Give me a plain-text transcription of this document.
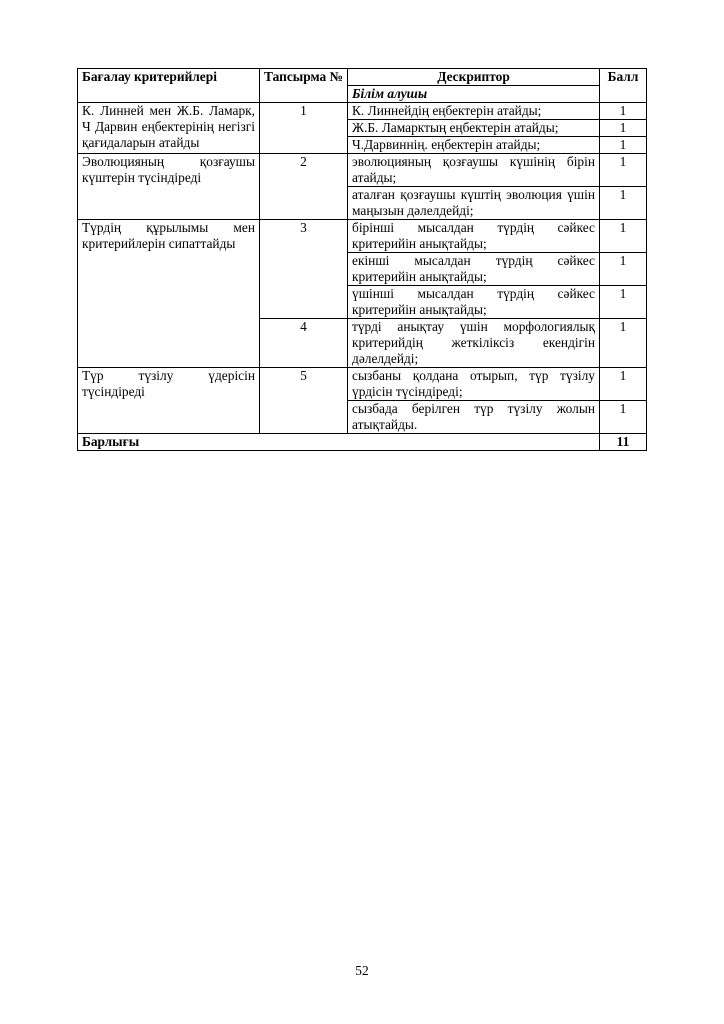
Бағалау критерийлері	Тапсырма №	Дескриптор	Балл
		Білім алушы	
К. Линней мен Ж.Б. Ламарк, Ч Дарвин еңбектерінің негізгі қағидаларын атайды	1	К. Линнейдің еңбектерін атайды;	1
		Ж.Б. Ламарктың еңбектерін атайды;	1
		Ч.Дарвиннің. еңбектерін атайды;	1
Эволюцияның қозғаушы күштерін түсіндіреді	2	эволюцияның қозғаушы күшінің бірін атайды;	1
		аталған қозғаушы күштің эволюция үшін маңызын дәлелдейді;	1
Түрдің құрылымы мен критерийлерін сипаттайды	3	бірінші мысалдан түрдің сәйкес критерийін анықтайды;	1
		екінші мысалдан түрдің сәйкес критерийін анықтайды;	1
		үшінші мысалдан түрдің сәйкес критерийін анықтайды;	1
	4	түрді анықтау үшін морфологиялық критерийдің жеткіліксіз екендігін дәлелдейді;	1
Түр түзілу үдерісін түсіндіреді	5	сызбаны қолдана отырып, түр түзілу үрдісін түсіндіреді;	1
		сызбада берілген түр түзілу жолын атықтайды.	1
Барлығы			11
52
